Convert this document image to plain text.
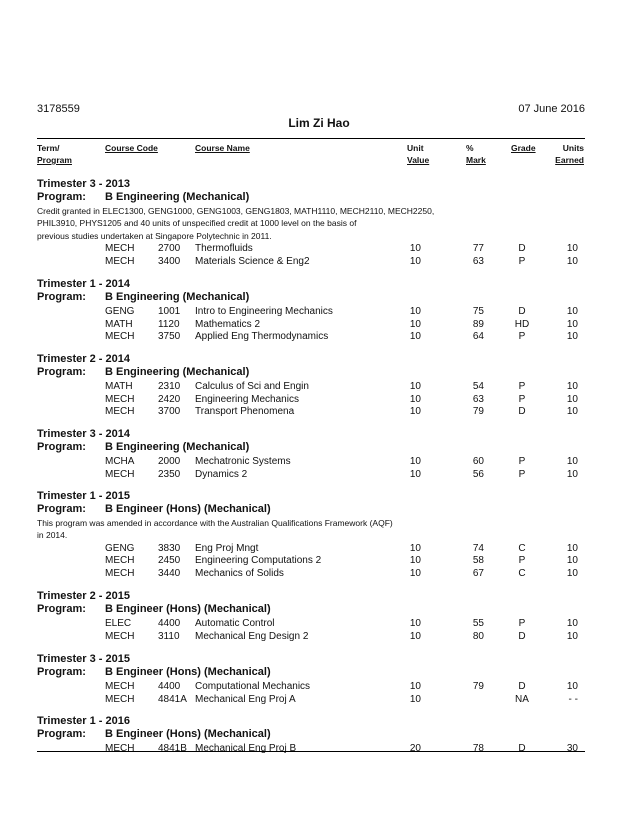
3178559	07 June 2016
Lim Zi Hao
Term/
Program
Course Code	Course Name	Unit
Value
%
Mark
Grade	Units
Earned
Trimester 3 - 2013
Program: B Engineering (Mechanical)
Credit granted in ELEC1300, GENG1000, GENG1003, GENG1803, MATH1110, MECH2110, MECH2250,
PHIL3910, PHYS1205 and 40 units of unspecified credit at 1000 level on the basis of
previous studies undertaken at Singapore Polytechnic in 2011.
MECH 2700 Thermofluids	10	77	D	10
MECH 3400 Materials Science & Eng2	10	63	P	10
Trimester 1 - 2014
Program: B Engineering (Mechanical)
GENG 1001 Intro to Engineering Mechanics	10	75	D	10
MATH	1120 Mathematics 2	10	89	HD	10
MECH 3750 Applied Eng Thermodynamics	10	64	P	10
Trimester 2 - 2014
Program: B Engineering (Mechanical)
MATH	2310 Calculus of Sci and Engin	10	54	P	10
MECH 2420 Engineering Mechanics	10	63	P	10
MECH 3700 Transport Phenomena	10	79	D	10
Trimester 3 - 2014
Program: B Engineering (Mechanical)
MCHA 2000 Mechatronic Systems	10	60	P	10
MECH 2350 Dynamics 2	10	56	P	10
Trimester 1 - 2015
Program: B Engineer (Hons) (Mechanical)
This program was amended in accordance with the Australian Qualifications Framework (AQF)
in 2014.
GENG 3830 Eng Proj Mngt	10	74	C	10
MECH 2450 Engineering Computations 2	10	58	P	10
MECH 3440 Mechanics of Solids	10	67	C	10
Trimester 2 - 2015
Program: B Engineer (Hons) (Mechanical)
ELEC	4400 Automatic Control	10	55	P	10
MECH 3110 Mechanical Eng Design 2	10	80	D	10
Trimester 3 - 2015
Program: B Engineer (Hons) (Mechanical)
MECH 4400 Computational Mechanics	10	79	D	10
MECH 4841A Mechanical Eng Proj A	10	NA	- -
Trimester 1 - 2016
Program: B Engineer (Hons) (Mechanical)
MECH 4841B Mechanical Eng Proj B	20	78	D	30
